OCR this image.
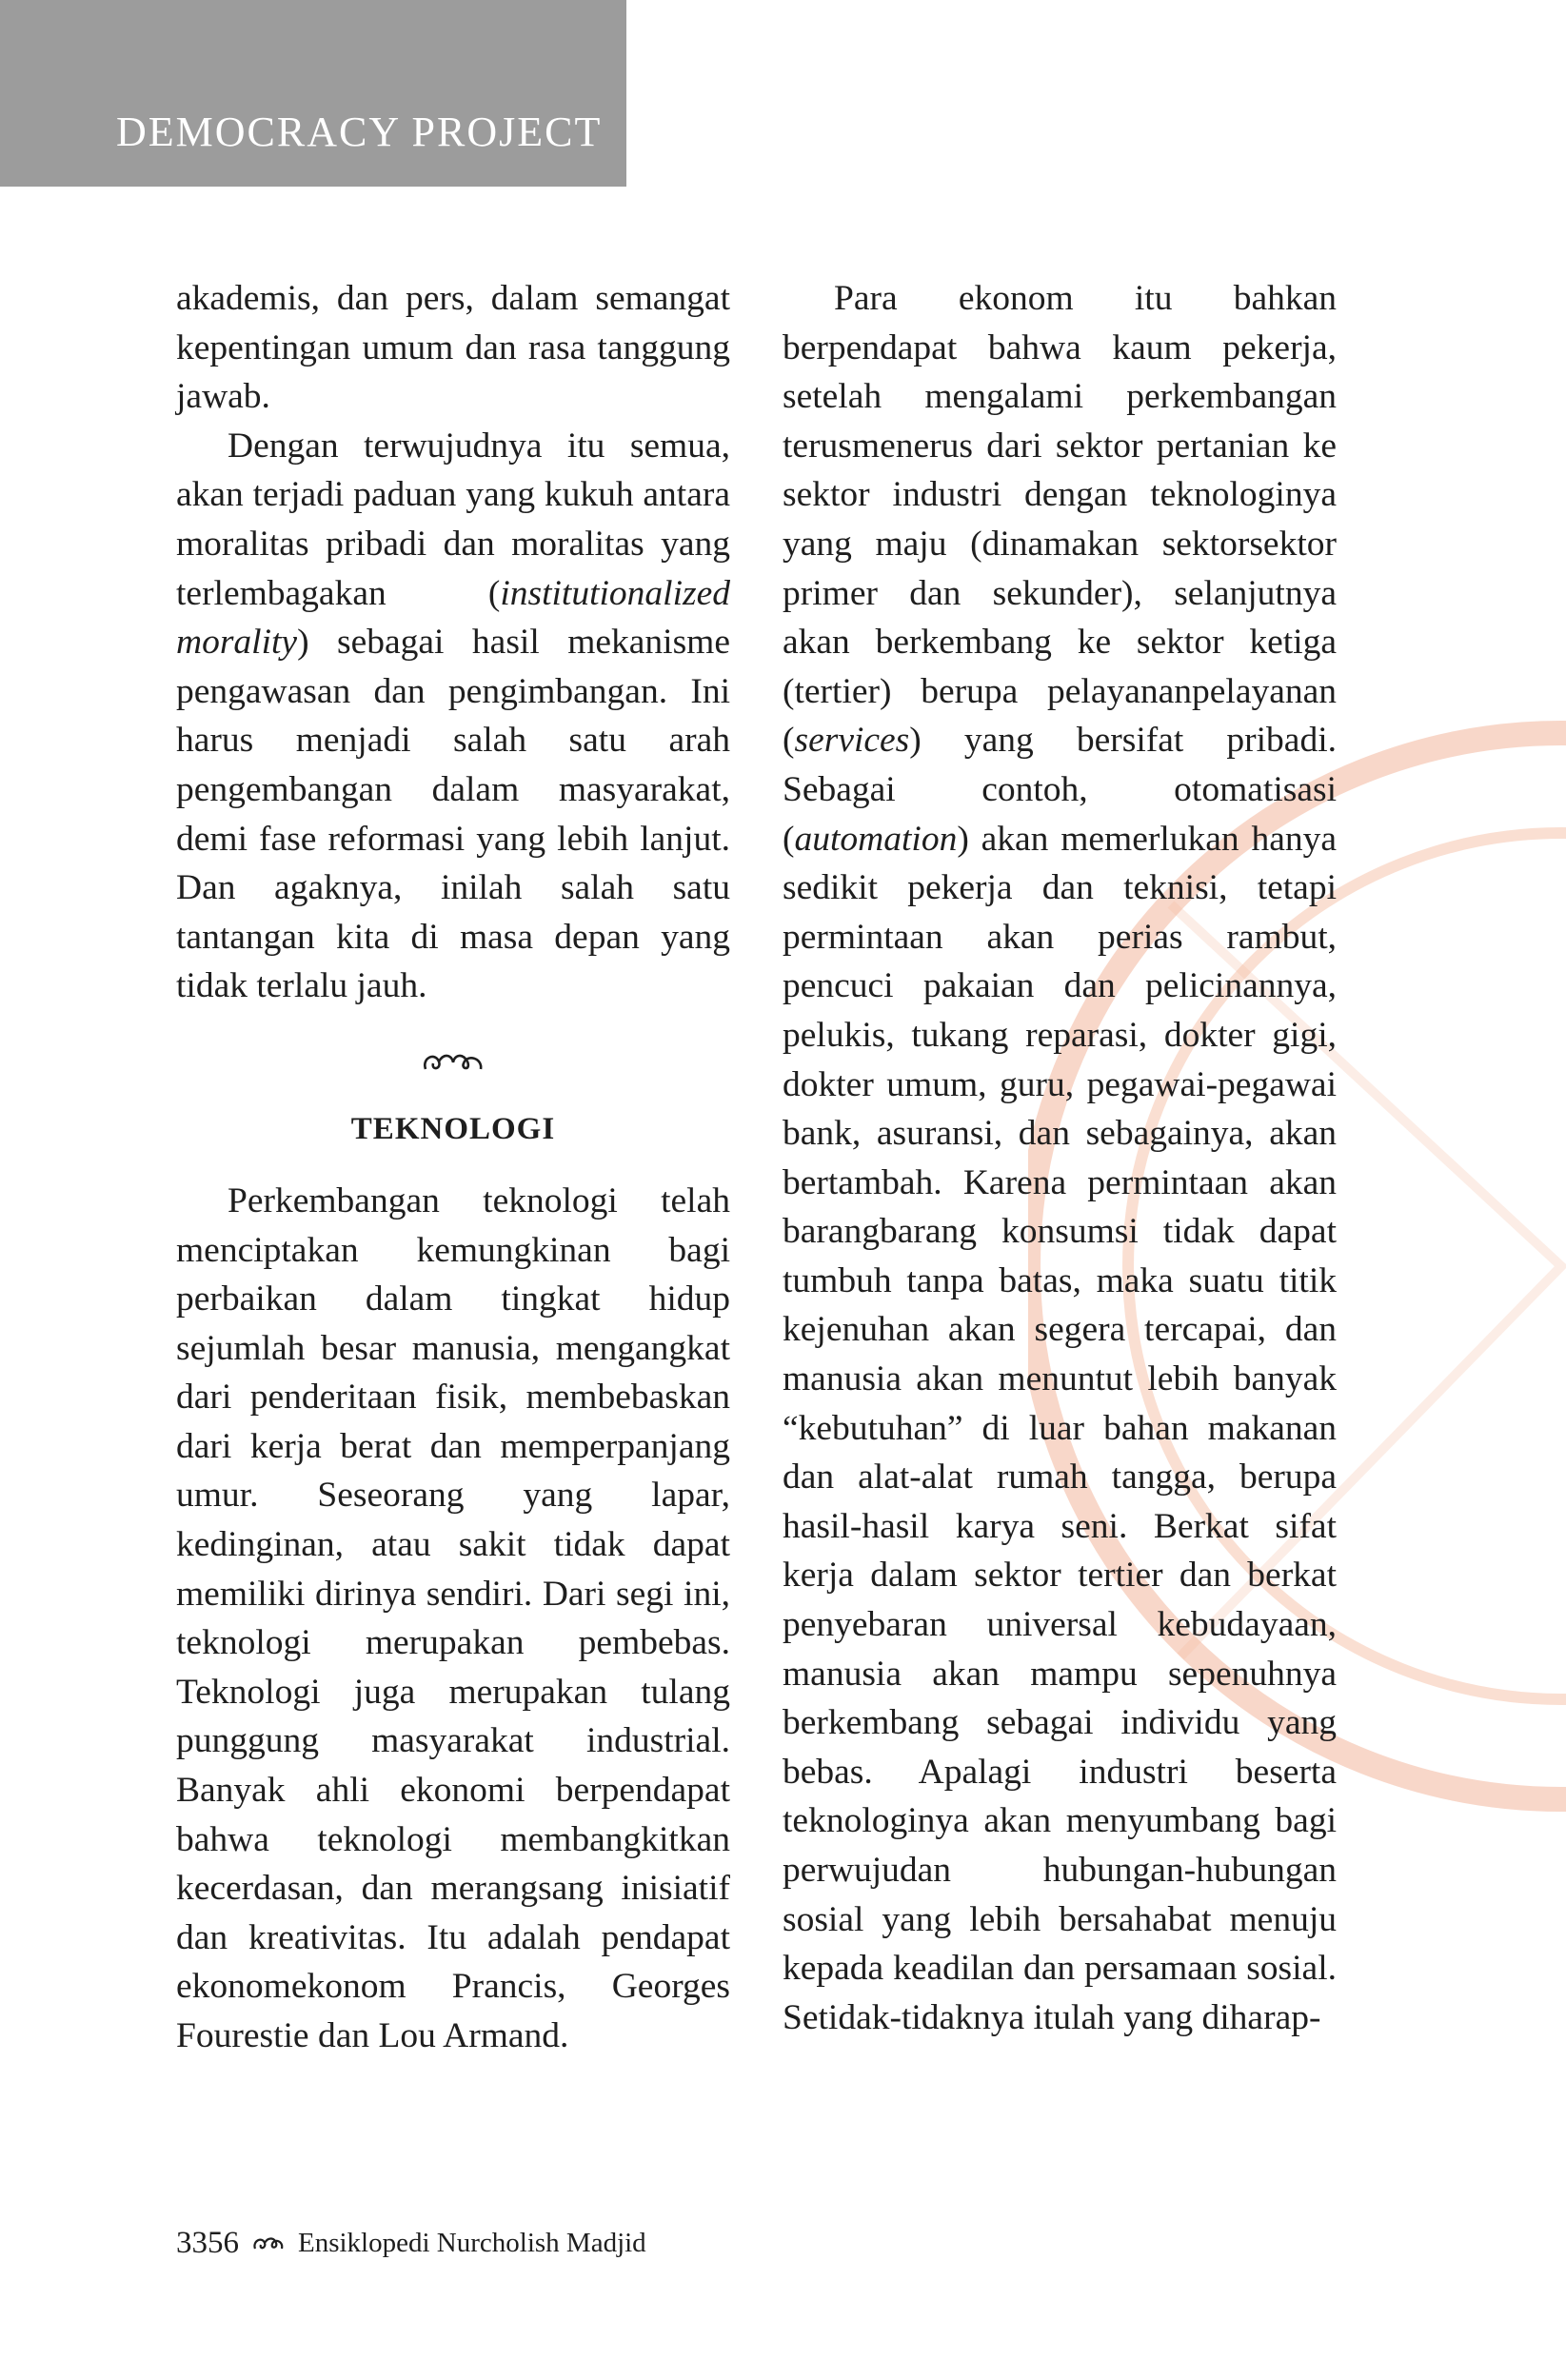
DEMOCRACY PROJECT

akademis, dan pers, dalam semangat kepentingan umum dan rasa tanggung jawab.

Dengan terwujudnya itu semua, akan terjadi paduan yang kukuh antara moralitas pribadi dan moralitas yang terlembagakan (institutionalized morality) sebagai hasil mekanisme pengawasan dan pengimbangan. Ini harus menjadi salah satu arah pengembangan dalam masyarakat, demi fase reformasi yang lebih lanjut. Dan agaknya, inilah salah satu tantangan kita di masa depan yang tidak terlalu jauh.

TEKNOLOGI

Perkembangan teknologi telah menciptakan kemungkinan bagi perbaikan dalam tingkat hidup sejumlah besar manusia, mengangkat dari penderitaan fisik, membebaskan dari kerja berat dan memperpanjang umur. Seseorang yang lapar, kedinginan, atau sakit tidak dapat memiliki dirinya sendiri. Dari segi ini, teknologi merupakan pembebas. Teknologi juga merupakan tulang punggung masyarakat industrial. Banyak ahli ekonomi berpendapat bahwa teknologi membangkitkan kecerdasan, dan merangsang inisiatif dan kreativitas. Itu adalah pendapat ekonomekonom Prancis, Georges Fourestie dan Lou Armand.

Para ekonom itu bahkan berpendapat bahwa kaum pekerja, setelah mengalami perkembangan terusmenerus dari sektor pertanian ke sektor industri dengan teknologinya yang maju (dinamakan sektorsektor primer dan sekunder), selanjutnya akan berkembang ke sektor ketiga (tertier) berupa pelayananpelayanan (services) yang bersifat pribadi. Sebagai contoh, otomatisasi (automation) akan memerlukan hanya sedikit pekerja dan teknisi, tetapi permintaan akan perias rambut, pencuci pakaian dan pelicinannya, pelukis, tukang reparasi, dokter gigi, dokter umum, guru, pegawai-pegawai bank, asuransi, dan sebagainya, akan bertambah. Karena permintaan akan barangbarang konsumsi tidak dapat tumbuh tanpa batas, maka suatu titik kejenuhan akan segera tercapai, dan manusia akan menuntut lebih banyak “kebutuhan” di luar bahan makanan dan alat-alat rumah tangga, berupa hasil-hasil karya seni. Berkat sifat kerja dalam sektor tertier dan berkat penyebaran universal kebudayaan, manusia akan mampu sepenuhnya berkembang sebagai individu yang bebas. Apalagi industri beserta teknologinya akan menyumbang bagi perwujudan hubungan-hubungan sosial yang lebih bersahabat menuju kepada keadilan dan persamaan sosial. Setidak-tidaknya itulah yang diharap-

3356 Ensiklopedi Nurcholish Madjid
